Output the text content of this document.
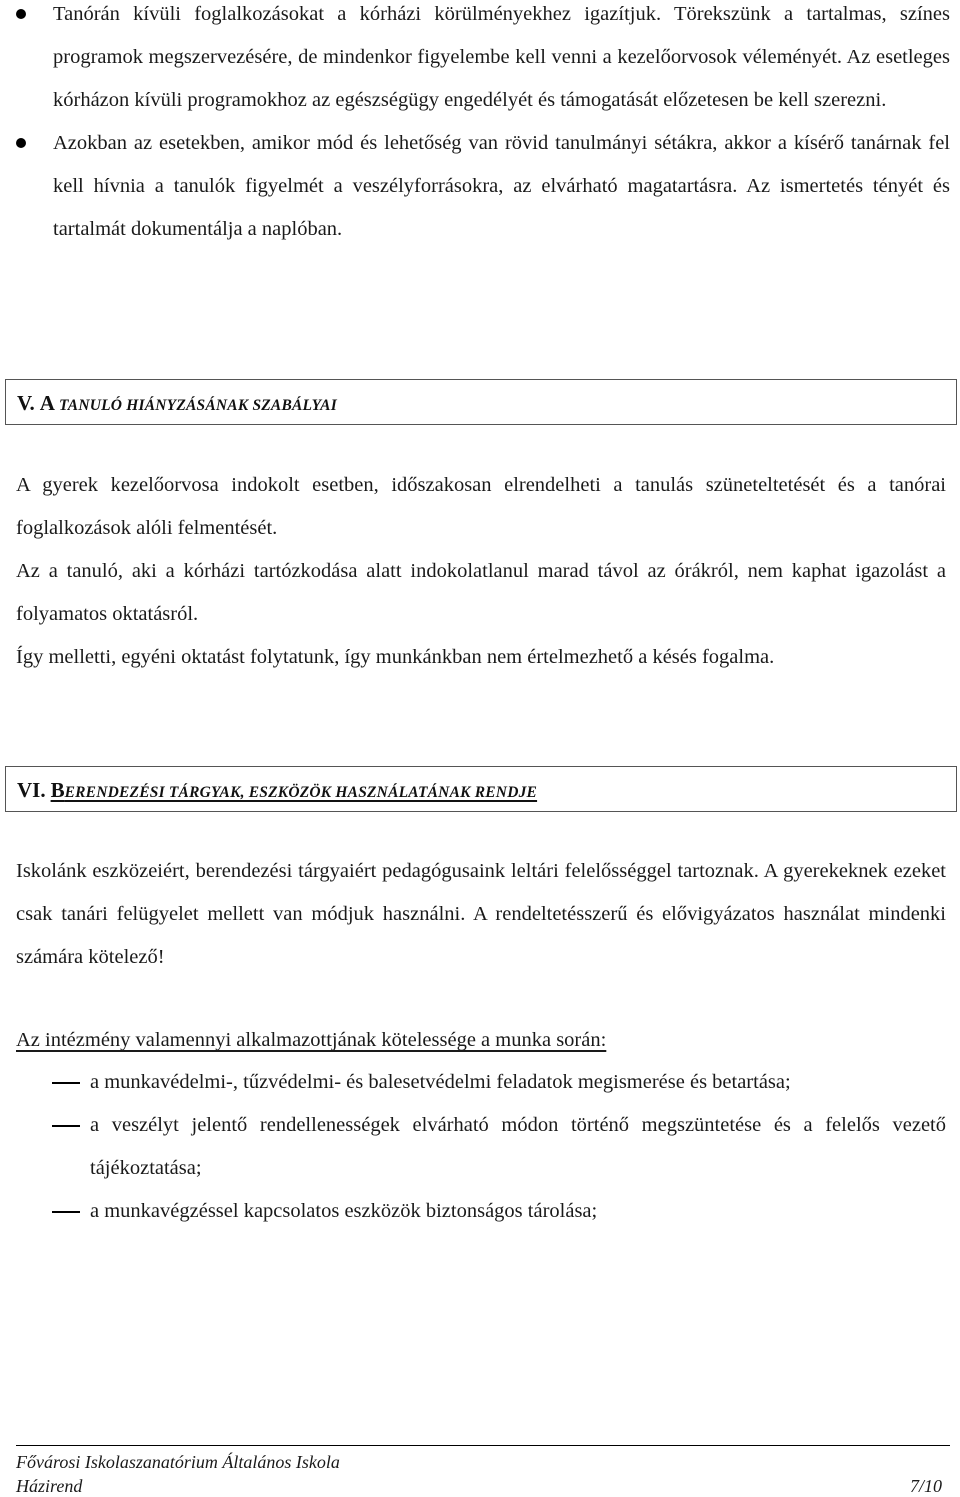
Tanórán kívüli foglalkozásokat a kórházi körülményekhez igazítjuk. Törekszünk a tartalmas, színes programok megszervezésére, de mindenkor figyelembe kell venni a kezelőorvosok véleményét. Az esetleges kórházon kívüli programokhoz az egészségügy engedélyét és támogatását előzetesen be kell szerezni.
Azokban az esetekben, amikor mód és lehetőség van rövid tanulmányi sétákra, akkor a kísérő tanárnak fel kell hívnia a tanulók figyelmét a veszélyforrásokra, az elvárható magatartásra. Az ismertetés tényét és tartalmát dokumentálja a naplóban.
V. A TANULÓ HIÁNYZÁSÁNAK SZABÁLYAI

A gyerek kezelőorvosa indokolt esetben, időszakosan elrendelheti a tanulás szüneteltetését és a tanórai foglalkozások alóli felmentését.

Az a tanuló, aki a kórházi tartózkodása alatt indokolatlanul marad távol az órákról, nem kaphat igazolást a folyamatos oktatásról.

Így melletti, egyéni oktatást folytatunk, így munkánkban nem értelmezhető a késés fogalma.

VI. BERENDEZÉSI TÁRGYAK, ESZKÖZÖK HASZNÁLATÁNAK RENDJE

Iskolánk eszközeiért, berendezési tárgyaiért pedagógusaink leltári felelősséggel tartoznak. A gyerekeknek ezeket csak tanári felügyelet mellett van módjuk használni. A rendeltetésszerű és elővigyázatos használat mindenki számára kötelező!

Az intézmény valamennyi alkalmazottjának kötelessége a munka során:
a munkavédelmi-, tűzvédelmi- és balesetvédelmi feladatok megismerése és betartása;
a veszélyt jelentő rendellenességek elvárható módon történő megszüntetése és a felelős vezető tájékoztatása;
a munkavégzéssel kapcsolatos eszközök biztonságos tárolása;
Fővárosi Iskolaszanatórium Általános Iskola
Házirend	7/10
